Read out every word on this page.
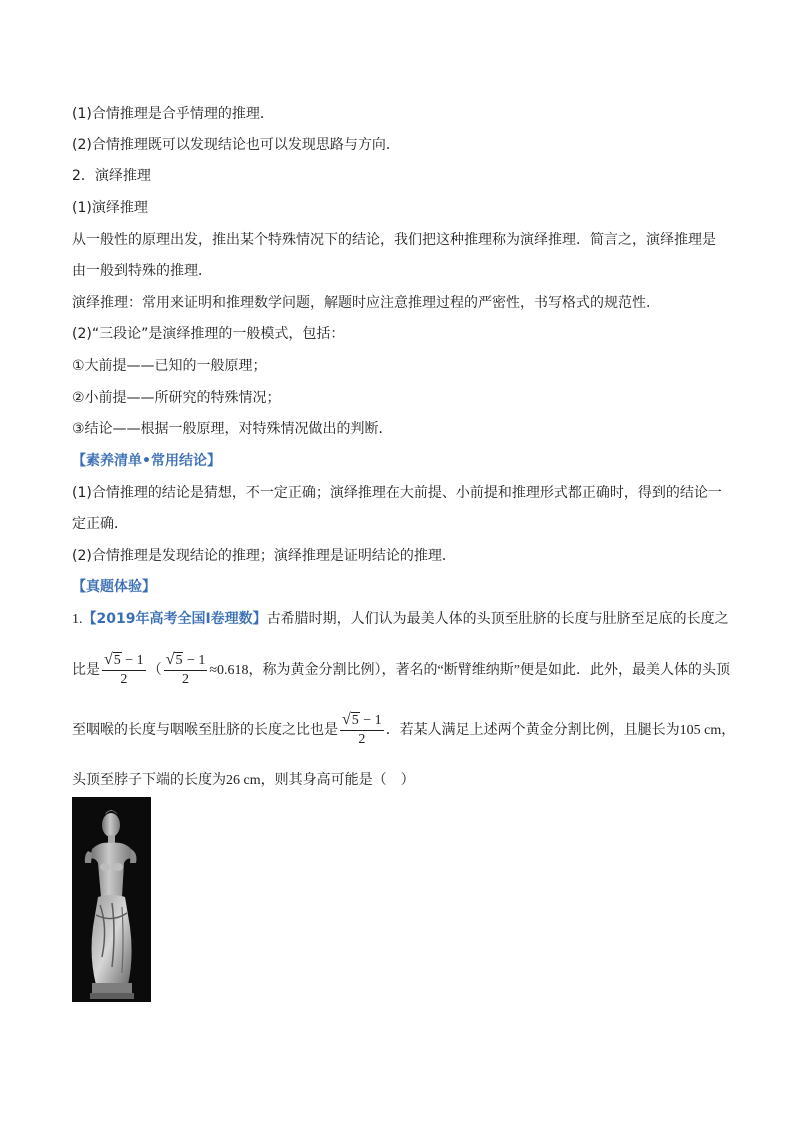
(1)合情推理是合乎情理的推理．
(2)合情推理既可以发现结论也可以发现思路与方向．
2．演绎推理
(1)演绎推理
从一般性的原理出发，推出某个特殊情况下的结论，我们把这种推理称为演绎推理．简言之，演绎推理是
由一般到特殊的推理．
演绎推理：常用来证明和推理数学问题，解题时应注意推理过程的严密性，书写格式的规范性.
(2)“三段论”是演绎推理的一般模式，包括：
①大前提——已知的一般原理；
②小前提——所研究的特殊情况；
③结论——根据一般原理，对特殊情况做出的判断．
【素养清单•常用结论】
(1)合情推理的结论是猜想，不一定正确；演绎推理在大前提、小前提和推理形式都正确时，得到的结论一
定正确．
(2)合情推理是发现结论的推理；演绎推理是证明结论的推理．
【真题体验】
1.【2019年高考全国I卷理数】古希腊时期，人们认为最美人体的头顶至肚脐的长度与肚脐至足底的长度之
比是 $\frac{√5 - 1}{2}$ （ $\frac{√5 - 1}{2} \approx 0.618$，称为黄金分割比例），著名的“断臂维纳斯”便是如此．此外，最美人体的头顶
至咽喉的长度与咽喉至肚脐的长度之比也是 $\frac{√5 - 1}{2}$ ．若某人满足上述两个黄金分割比例，且腿长为105 cm，
头顶至脖子下端的长度为26 cm，则其身高可能是（　）
